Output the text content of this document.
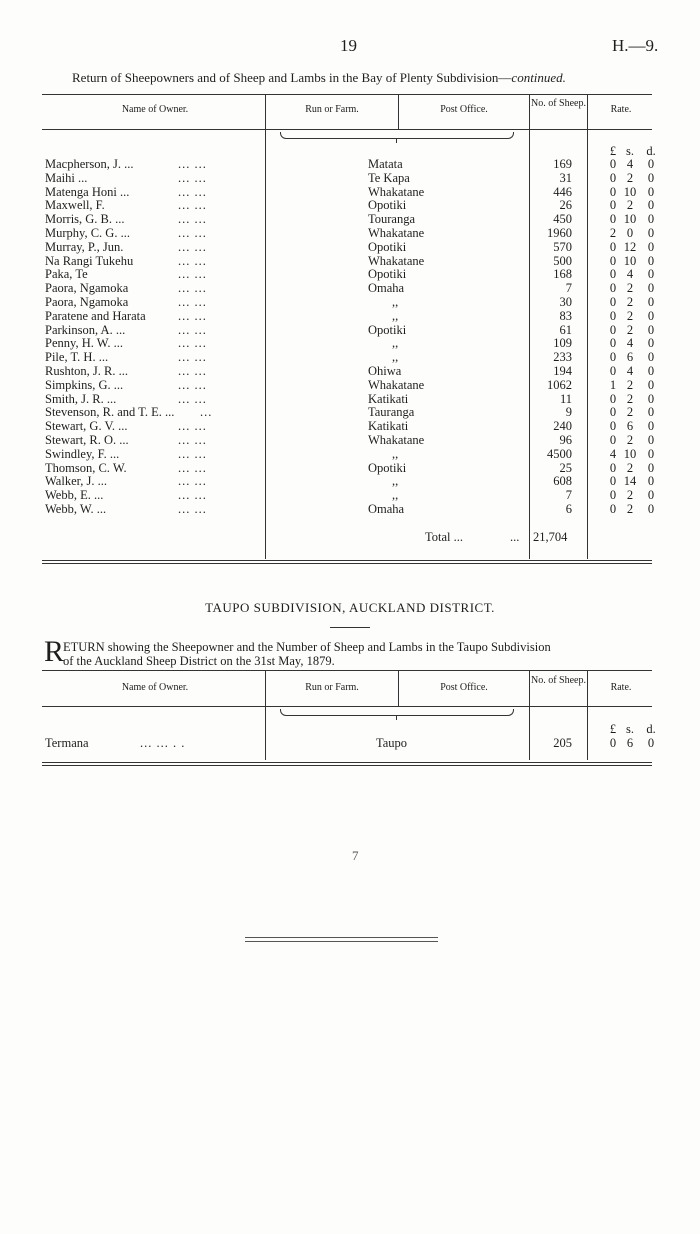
19	H.—9.
Return of Sheepowners and of Sheep and Lambs in the Bay of Plenty Subdivision—continued.
Name of Owner.	Run or Farm.	Post Office.
No. of Sheep.
Rate.
£ s. d.
Macpherson, J. ...	... ...	Matata	169	0 4	0
Maihi ...	... ...	Te Kapa	31	0 2	0
Matenga Honi ...	... ...	Whakatane	446	0 10 0
Maxwell, F.	... ...	Opotiki	26	0 2	0
Morris, G. B. ...	... ...	Touranga	450	0 10 0
Murphy, C. G. ...	... ...	Whakatane	1960	2 0	0
Murray, P., Jun.	... ...	Opotiki	570	0 12 0
Na Rangi Tukehu	... ...	Whakatane	500	0 10 0
Paka, Te	... ...	Opotiki	168	0 4	0
Paora, Ngamoka	... ...	Omaha	7	0 2	0
Paora, Ngamoka	... ...	,,	30	0 2	0
Paratene and Harata	... ...	,,	83	0 2	0
Parkinson, A. ...	... ...	Opotiki	61	0 2	0
Penny, H. W. ...	... ...	,,	109	0 4	0
Pile, T. H. ...	... ...	,,	233	0 6	0
Rushton, J. R. ...	... ...	Ohiwa	194	0 4	0
Simpkins, G. ...	... ...	Whakatane	1062	1 2	0
Smith, J. R. ...	... ...	Katikati	11	0 2	0
Stevenson, R. and T. E. ... ...	Tauranga	9	0 2	0
Stewart, G. V. ...	... ...	Katikati	240	0 6	0
Stewart, R. O. ...	... ...	Whakatane	96	0 2	0
Swindley, F. ...	... ...	,,	4500	4 10 0
Thomson, C. W.	... ...	Opotiki	25	0 2	0
Walker, J. ...	... ...	,,	608	0 14 0
Webb, E. ...	... ...	,,	7	0 2	0
Webb, W. ...	... ...	Omaha	6	0 2	0
Total ...	... 21,704
TAUPO SUBDIVISION, AUCKLAND DISTRICT.
R
ETURN showing the Sheepowner and the Number of Sheep and Lambs in the Taupo Subdivision
of the Auckland Sheep District on the 31st May, 1879.
Name of Owner.	Run or Farm.	Post Office.
No. of Sheep.
Rate.
£ s. d.
Termana	... ... . .	Taupo	205	0 6	0
7
